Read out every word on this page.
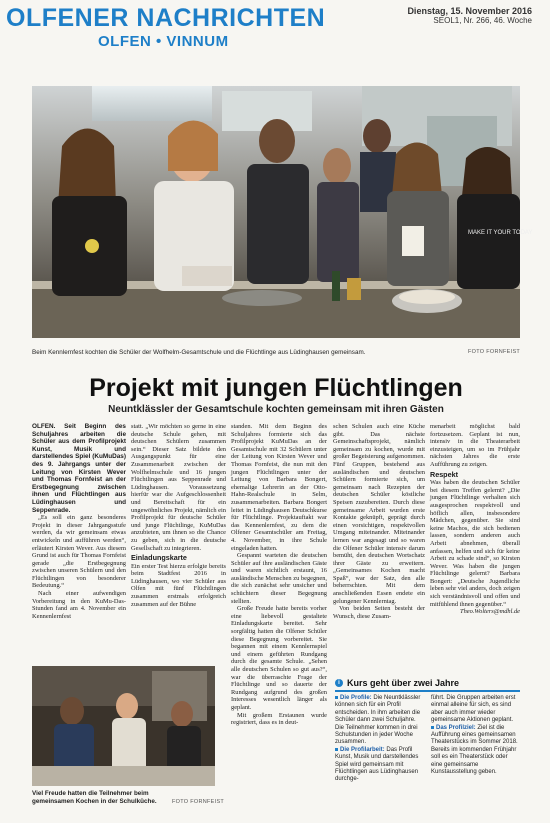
OLFENER NACHRICHTEN
OLFEN • VINNUM
Dienstag, 15. November 2016
SEOL1, Nr. 266, 46. Woche
MAKE IT YOUR TODAY
Beim Kennlernfest kochten die Schüler der Wolfhelm-Gesamtschule und die Flüchtlinge aus Lüdinghausen gemeinsam.	FOTO FORNFEIST
Projekt mit jungen Flüchtlingen
Neuntklässler der Gesamtschule kochten gemeinsam mit ihren Gästen

OLFEN. Seit Beginn des Schuljahres arbeiten die Schüler aus dem Profilprojekt Kunst, Musik und darstellendes Spiel (KuMuDas) des 9. Jahrgangs unter der Leitung von Kirsten Wever und Thomas Fornfeist an der Erstbegegnung zwischen ihnen und Flüchtlingen aus Lüdinghausen und Seppenrade.

„Es soll ein ganz besonderes Projekt in dieser Jahrgangsstufe werden, da wir gemeinsam etwas entwickeln und aufführen werden“, erläutert Kirsten Wever. Aus diesem Grund ist auch für Thomas Fornfeist gerade „die Erstbegegnung zwischen unseren Schülern und den Flüchtlingen von besonderer Bedeutung.“

Nach einer aufwendigen Vorbereitung in den KuMu-Das-Stunden fand am 4. November ein Kennenlernfest

statt. „Wir möchten so gerne in eine deutsche Schule gehen, mit deutschen Schülern zusammen sein.“ Dieser Satz bildete den Ausgangspunkt für eine Zusammenarbeit zwischen der Wolfhelmschule und 16 jungen Flüchtlingen aus Seppenrade und Lüdinghausen. Voraussetzung hierfür war die Aufgeschlossenheit und Bereitschaft für ein ungewöhnliches Projekt, nämlich ein Profilprojekt für deutsche Schüler und junge Flüchtlinge, KuMuDas anzubieten, um ihnen so die Chance zu geben, sich in die deutsche Gesellschaft zu integrieren.

Einladungskarte

Ein erster Test hierzu erfolgte bereits beim Stadtfest 2016 in Lüdinghausen, wo vier Schüler aus Olfen mit fünf Flüchtlingen zusammen erstmals erfolgreich zusammen auf der Bühne

standen. Mit dem Beginn des Schuljahres formierte sich das Profilprojekt KuMuDas an der Gesamtschule mit 32 Schülern unter der Leitung von Kirsten Wever und Thomas Fornfeist, die nun mit den jungen Flüchtlingen unter der Leitung von Barbara Bongert, ehemalige Lehrerin an der Otto-Hahn-Realschule in Selm, zusammenarbeiten. Barbara Bongert leitet in Lüdinghausen Deutschkurse für Flüchtlinge. Projektauftakt war das Kennenlernfest, zu dem die Olfener Gesamtschüler am Freitag, 4. November, in ihre Schule eingeladen hatten.

Gespannt warteten die deutschen Schüler auf ihre ausländischen Gäste und waren sichtlich erstaunt, 16 ausländische Menschen zu begegnen, die sich zunächst sehr unsicher und schüchtern dieser Begegnung stellten.

Große Freude hatte bereits vorher eine liebevoll gestaltete Einladungskarte bereitet. Sehr sorgfältig hatten die Olfener Schüler diese Begegnung vorbereitet. Sie begannen mit einem Kennlernspiel und einem geführten Rundgang durch die gesamte Schule. „Sehen alle deutschen Schulen so gut aus?“, war die überraschte Frage der Flüchtlinge und so dauerte der Rundgang aufgrund des großen Interesses wesentlich länger als geplant.

Mit großem Erstaunen wurde registriert, dass es in deut-

schen Schulen auch eine Küche gibt. Das nächste Gemeinschaftsprojekt, nämlich gemeinsam zu kochen, wurde mit großer Begeisterung aufgenommen. Fünf Gruppen, bestehend aus ausländischen und deutschen Schülern formierte sich, um gemeinsam nach Rezepten der deutschen Schüler köstliche Speisen zuzubereiten. Durch diese gemeinsame Arbeit wurden erste Kontakte geknüpft, geprägt durch einen vorsichtigen, respektvollen Umgang miteinander. Miteinander lernen war angesagt und so waren die Olfener Schüler intensiv darum bemüht, den deutschen Wortschatz ihrer Gäste zu erweitern. „Gemeinsames Kochen macht Spaß“, war der Satz, den alle beherrschten. Mit dem anschließenden Essen endete ein gelungener Kennlerntag.

Von beiden Seiten besteht der Wunsch, diese Zusam-

menarbeit möglichst bald fortzusetzen. Geplant ist nun, intensiv in die Theaterarbeit einzusteigen, um so im Frühjahr nächsten Jahres die erste Aufführung zu zeigen.

Respekt

Was haben die deutschen Schüler bei diesem Treffen gelernt? „Die jungen Flüchtlinge verhalten sich ausgesprochen respektvoll und höflich allen, insbesondere Mädchen, gegenüber. Sie sind keine Machos, die sich bedienen lassen, sondern anderen auch Arbeit abnehmen, überall anfassen, helfen und sich für keine Arbeit zu schade sind“, so Kirsten Wever. Was haben die jungen Flüchtlinge gelernt? Barbara Bongert: „Deutsche Jugendliche leben sehr viel anders, doch zeigen sich verständnisvoll und offen und mitfühlend ihnen gegenüber.“

Theo.Wolters@mdhl.de

Viel Freude hatten die Teilnehmer beim gemeinsamen Kochen in der Schulküche.	FOTO FORNFEIST
i Kurs geht über zwei Jahre

Die Profile: Die Neuntklässler können sich für ein Profil entscheiden. In ihm arbeiten die Schüler dann zwei Schuljahre. Die Teilnehmer kommen in drei Schulstunden in jeder Woche zusammen.

Die Profilarbeit: Das Profil Kunst, Musik und darstellendes Spiel wird gemeinsam mit Flüchtlingen aus Lüdinghausen durchge-

führt. Die Gruppen arbeiten erst einmal alleine für sich, es sind aber auch immer wieder gemeinsame Aktionen geplant.

Das Profilziel: Ziel ist die Aufführung eines gemeinsamen Theaterstücks im Sommer 2018. Bereits im kommenden Frühjahr soll es ein Theaterstück oder eine gemeinsame Kunstausstellung geben.
